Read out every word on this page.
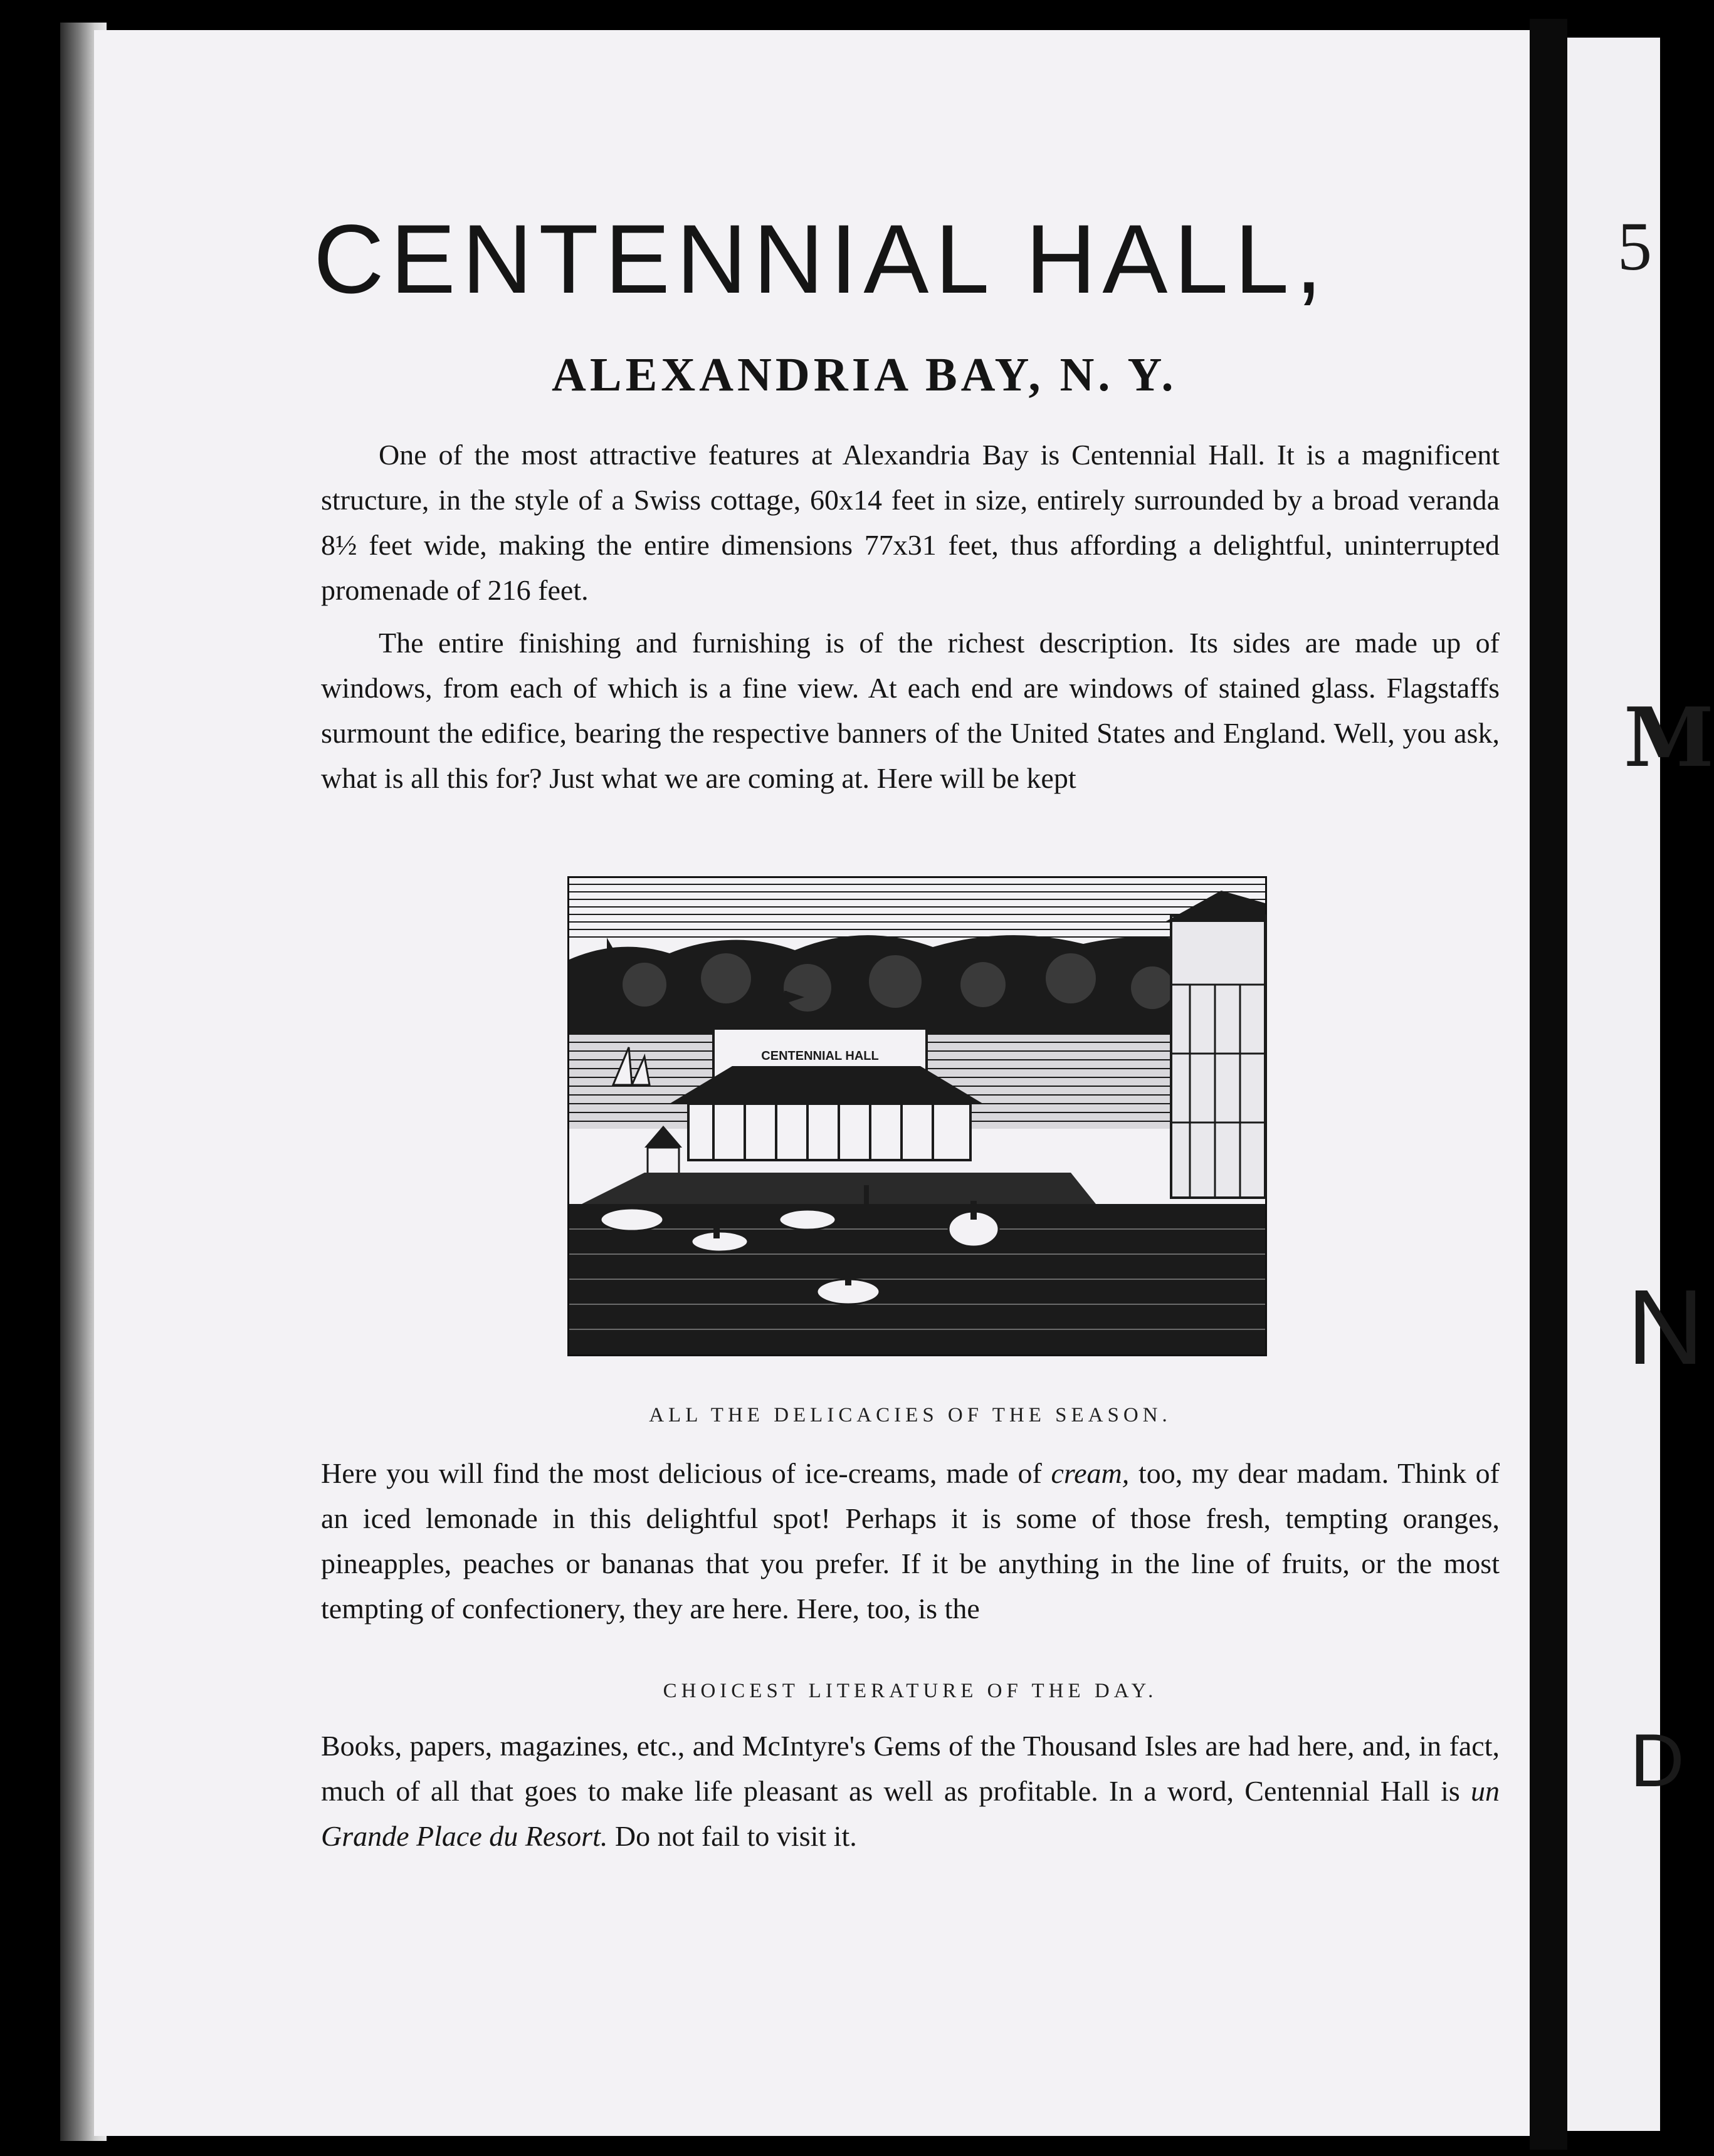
5
M
N
D
CENTENNIAL HALL,
ALEXANDRIA BAY, N. Y.

One of the most attractive features at Alexandria Bay is Centennial Hall. It is a magnificent structure, in the style of a Swiss cottage, 60x14 feet in size, entirely surrounded by a broad veranda 8½ feet wide, making the entire dimensions 77x31 feet, thus affording a delightful, uninterrupted promenade of 216 feet.

The entire finishing and furnishing is of the richest description. Its sides are made up of windows, from each of which is a fine view. At each end are windows of stained glass. Flagstaffs surmount the edifice, bearing the respective banners of the United States and England. Well, you ask, what is all this for? Just what we are coming at. Here will be kept

CENTENNIAL HALL
ALL THE DELICACIES OF THE SEASON.

Here you will find the most delicious of ice-creams, made of cream, too, my dear madam. Think of an iced lemonade in this delightful spot! Perhaps it is some of those fresh, tempting oranges, pineapples, peaches or bananas that you prefer. If it be anything in the line of fruits, or the most tempting of confectionery, they are here. Here, too, is the

CHOICEST LITERATURE OF THE DAY.

Books, papers, magazines, etc., and McIntyre's Gems of the Thousand Isles are had here, and, in fact, much of all that goes to make life pleasant as well as profitable. In a word, Centennial Hall is un Grande Place du Resort. Do not fail to visit it.
